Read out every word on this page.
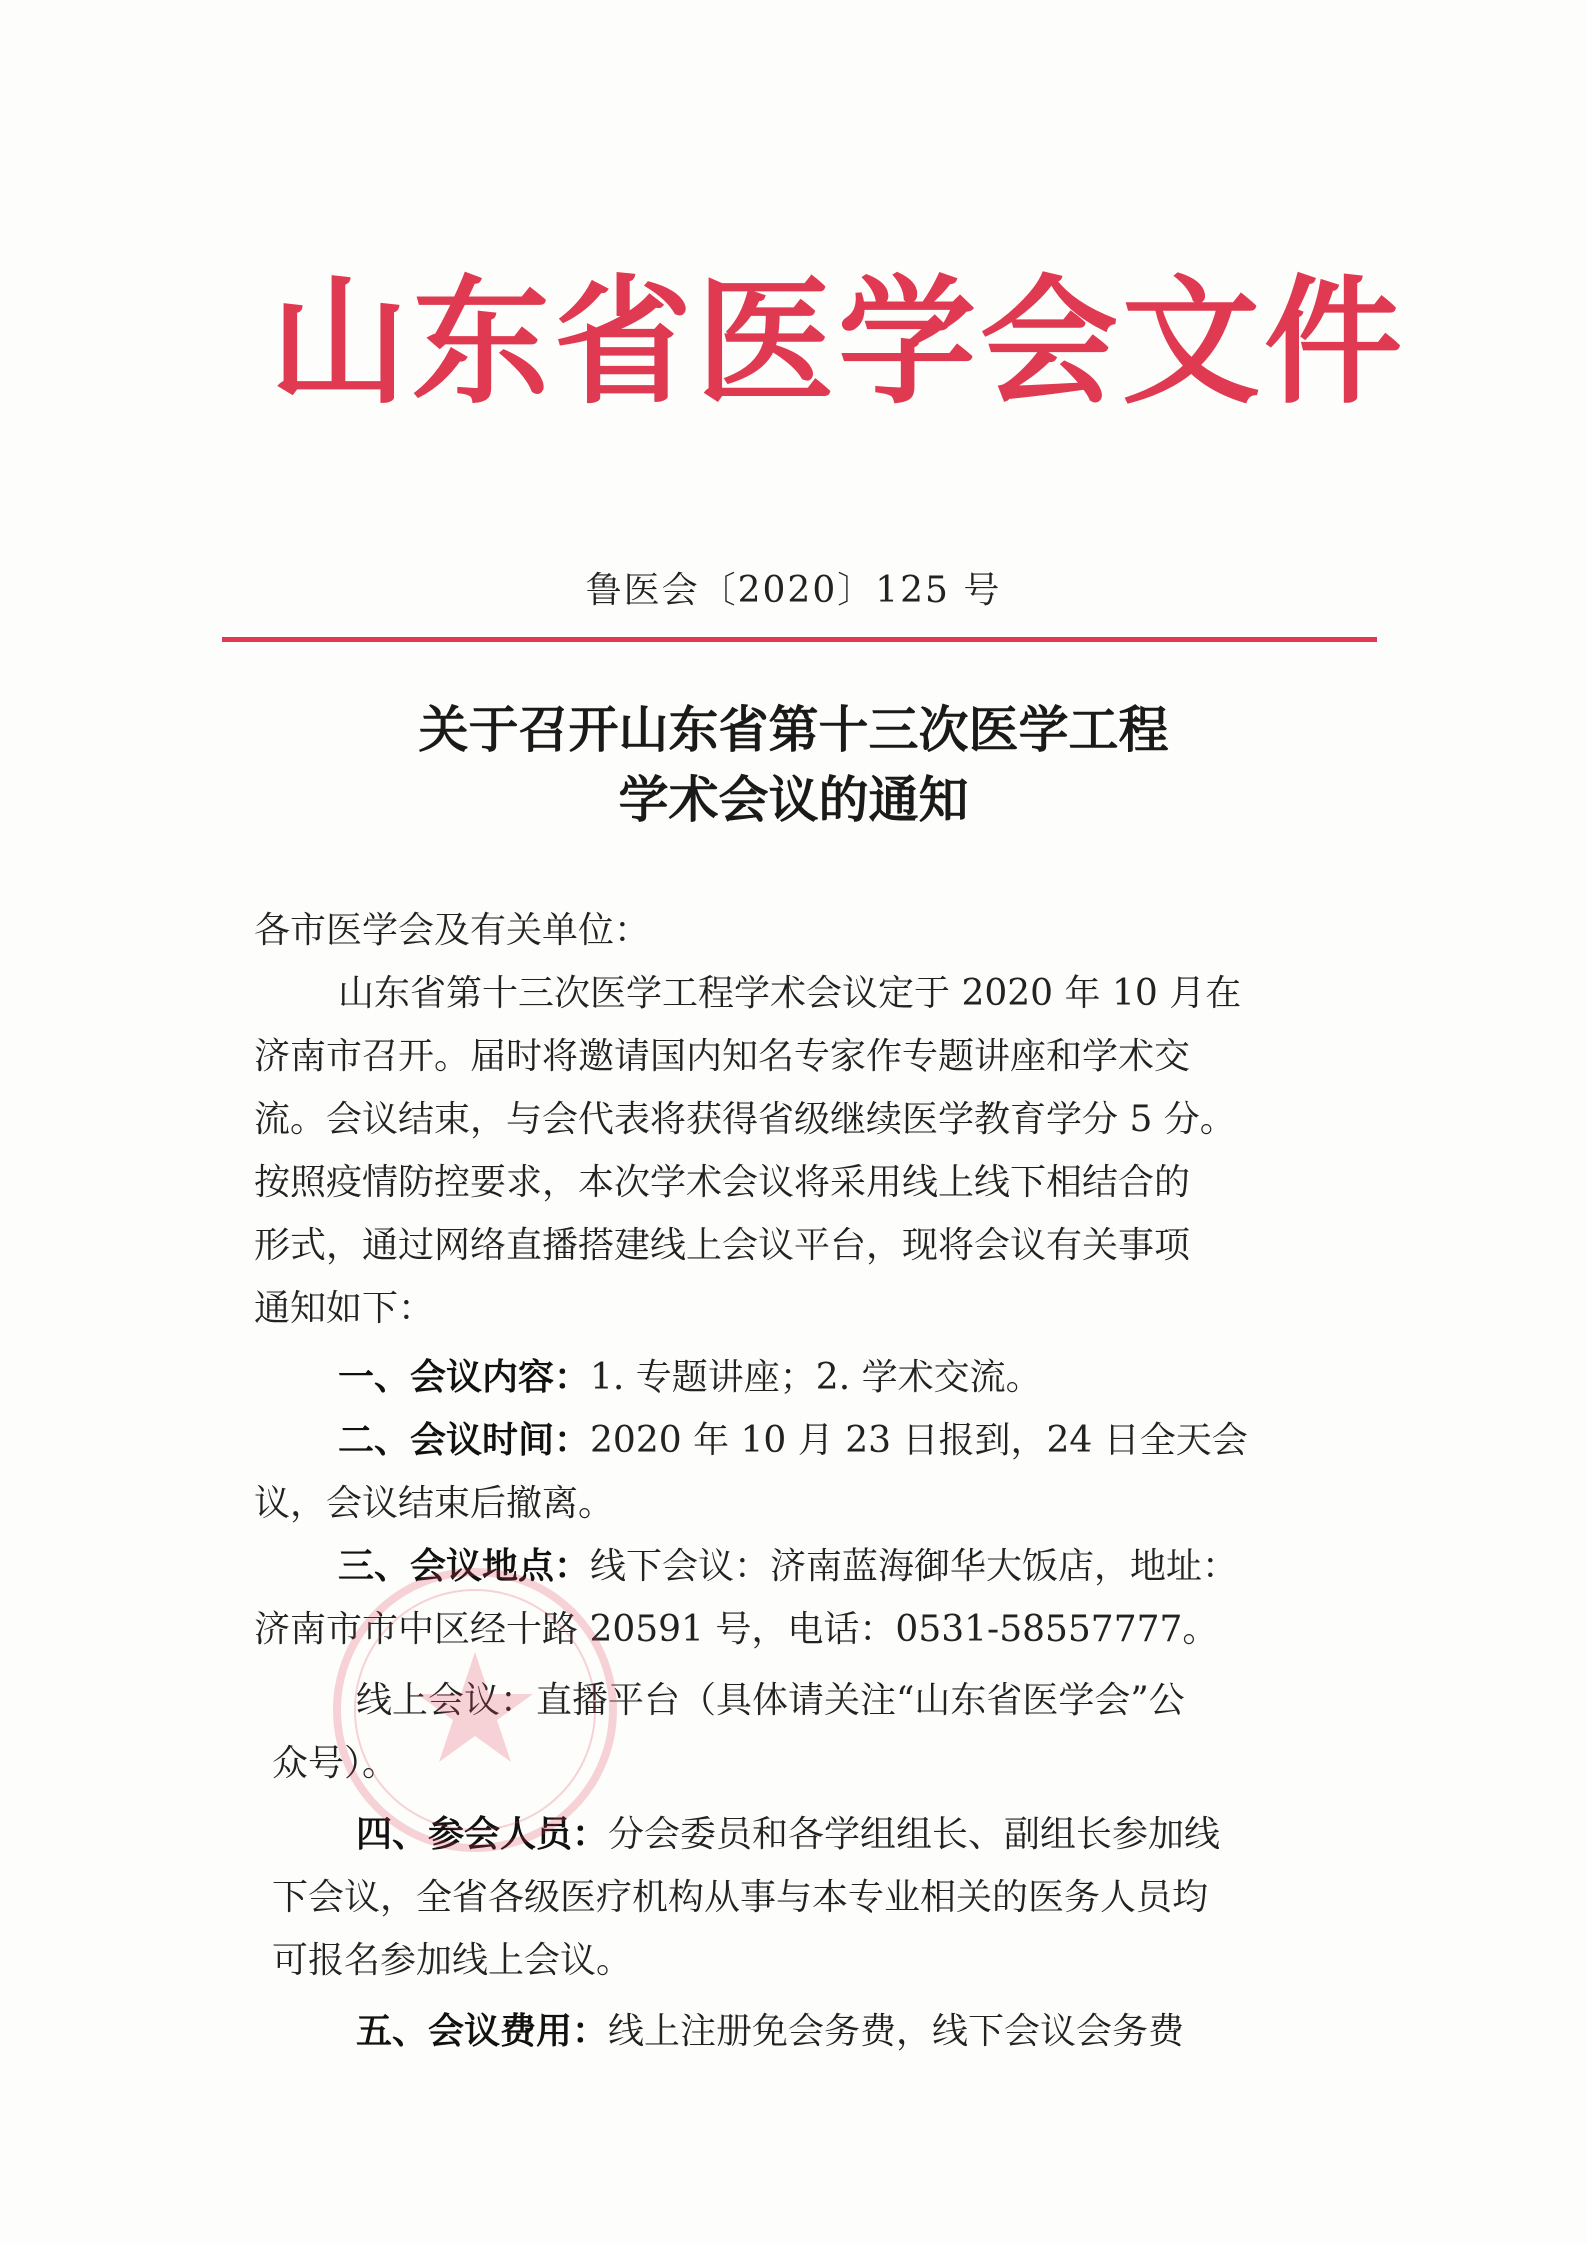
山东省医学会文件
鲁医会〔2020〕125 号
关于召开山东省第十三次医学工程
学术会议的通知
各市医学会及有关单位：
山东省第十三次医学工程学术会议定于 2020 年 10 月在
济南市召开。届时将邀请国内知名专家作专题讲座和学术交
流。会议结束，与会代表将获得省级继续医学教育学分 5 分。
按照疫情防控要求，本次学术会议将采用线上线下相结合的
形式，通过网络直播搭建线上会议平台，现将会议有关事项
通知如下：
一、会议内容：1. 专题讲座；2. 学术交流。
二、会议时间：2020 年 10 月 23 日报到，24 日全天会
议，会议结束后撤离。
三、会议地点：线下会议：济南蓝海御华大饭店，地址：
济南市市中区经十路 20591 号，电话：0531-58557777。
线上会议：直播平台（具体请关注“山东省医学会”公
众号）。
四、参会人员：分会委员和各学组组长、副组长参加线
下会议，全省各级医疗机构从事与本专业相关的医务人员均
可报名参加线上会议。
五、会议费用：线上注册免会务费，线下会议会务费
